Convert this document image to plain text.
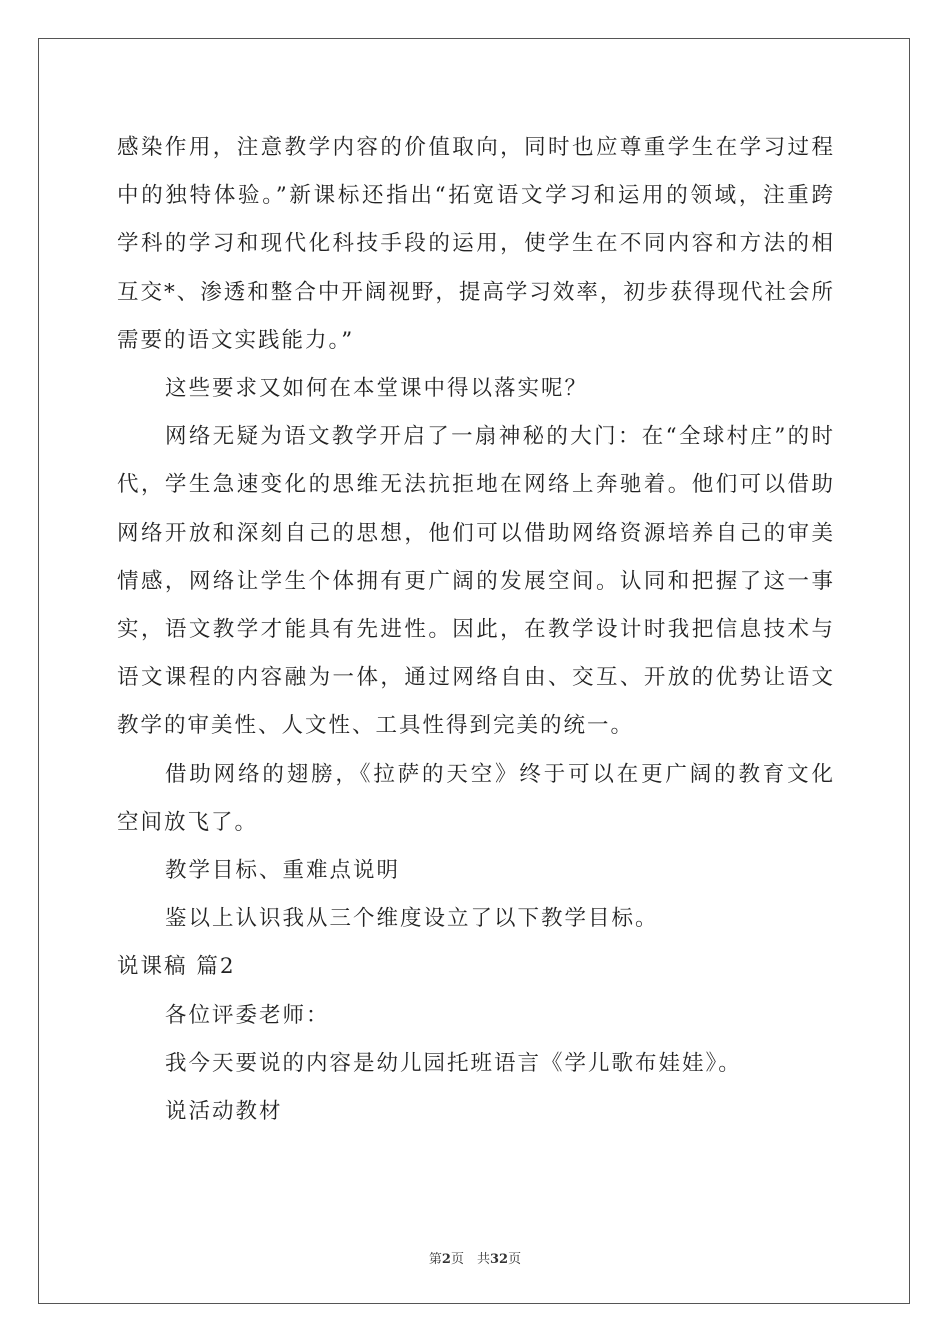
感染作用，注意教学内容的价值取向，同时也应尊重学生在学习过程中的独特体验。”新课标还指出“拓宽语文学习和运用的领域，注重跨学科的学习和现代化科技手段的运用，使学生在不同内容和方法的相互交*、渗透和整合中开阔视野，提高学习效率，初步获得现代社会所需要的语文实践能力。”

这些要求又如何在本堂课中得以落实呢？

网络无疑为语文教学开启了一扇神秘的大门：在“全球村庄”的时代，学生急速变化的思维无法抗拒地在网络上奔驰着。他们可以借助网络开放和深刻自己的思想，他们可以借助网络资源培养自己的审美情感，网络让学生个体拥有更广阔的发展空间。认同和把握了这一事实，语文教学才能具有先进性。因此，在教学设计时我把信息技术与语文课程的内容融为一体，通过网络自由、交互、开放的优势让语文教学的审美性、人文性、工具性得到完美的统一。

借助网络的翅膀，《拉萨的天空》终于可以在更广阔的教育文化空间放飞了。

教学目标、重难点说明

鉴以上认识我从三个维度设立了以下教学目标。

说课稿 篇2

各位评委老师：

我今天要说的内容是幼儿园托班语言《学儿歌布娃娃》。

说活动教材

第2页　共32页
